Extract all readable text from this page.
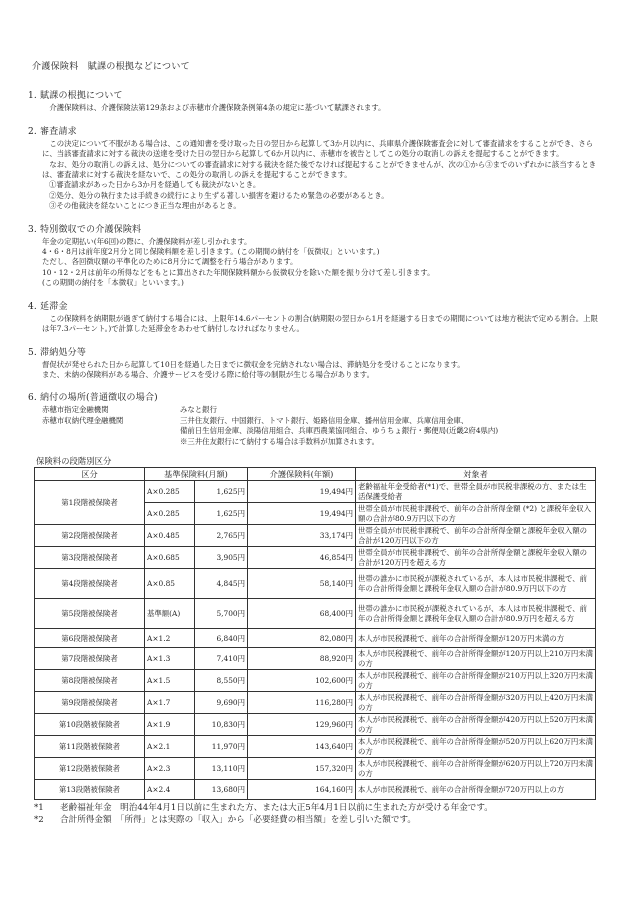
介護保険料　賦課の根拠などについて
1. 賦課の根拠について

　介護保険料は、介護保険法第129条および赤穂市介護保険条例第4条の規定に基づいて賦課されます。

2. 審査請求

　この決定について不服がある場合は、この通知書を受け取った日の翌日から起算して3か月以内に、兵庫県介護保険審査会に対して審査請求をすることができ、さらに、当該審査請求に対する裁決の送達を受けた日の翌日から起算して6か月以内に、赤穂市を被告としてこの処分の取消しの訴えを提起することができます。

　なお、処分の取消しの訴えは、処分についての審査請求に対する裁決を経た後でなければ提起することができませんが、次の①から③までのいずれかに該当するときは、審査請求に対する裁決を経ないで、この処分の取消しの訴えを提起することができます。

①審査請求があった日から3か月を経過しても裁決がないとき。

②処分、処分の執行または手続きの続行により生ずる著しい損害を避けるため緊急の必要があるとき。

③その他裁決を経ないことにつき正当な理由があるとき。

3. 特別徴収での介護保険料

年金の定期払い(年6回)の際に、介護保険料が差し引かれます。

4・6・8月は前年度2月分と同じ保険料額を差し引きます。(この期間の納付を「仮徴収」といいます。)

ただし、各回徴収額の平準化のために8月分にて調整を行う場合があります。

10・12・2月は前年の所得などをもとに算出された年間保険料額から仮徴収分を除いた額を振り分けて差し引きます。

(この期間の納付を「本徴収」といいます。)

4. 延滞金

　この保険料を納期限が過ぎて納付する場合には、上限年14.6パーセントの割合(納期限の翌日から1月を経過する日までの期間については地方税法で定める割合。上限は年7.3パーセント。)で計算した延滞金をあわせて納付しなければなりません。

5. 滞納処分等

督促状が発せられた日から起算して10日を経過した日までに徴収金を完納されない場合は、滞納処分を受けることになります。

また、未納の保険料がある場合、介護サービスを受ける際に給付等の制限が生じる場合があります。

6. 納付の場所(普通徴収の場合)
赤穂市指定金融機関	みなと銀行
赤穂市収納代理金融機関	三井住友銀行、中国銀行、トマト銀行、姫路信用金庫、播州信用金庫、兵庫信用金庫、
	備前日生信用金庫、淡陽信用組合、兵庫西農業協同組合、ゆうちょ銀行・郵便局(近畿2府4県内)
	※三井住友銀行にて納付する場合は手数料が加算されます。
保険料の段階別区分
区分	基準保険料(月額)		介護保険料(年額)	対象者
第1段階被保険者	A×0.285	1,625円	19,494円	老齢福祉年金受給者(*1)で、世帯全員が市民税非課税の方、または生活保護受給者
	A×0.285	1,625円	19,494円	世帯全員が市民税非課税で、前年の合計所得金額 (*2) と課税年金収入額の合計が80.9万円以下の方
第2段階被保険者	A×0.485	2,765円	33,174円	世帯全員が市民税非課税で、前年の合計所得金額と課税年金収入額の合計が120万円以下の方
第3段階被保険者	A×0.685	3,905円	46,854円	世帯全員が市民税非課税で、前年の合計所得金額と課税年金収入額の合計が120万円を超える方
第4段階被保険者	A×0.85	4,845円	58,140円	世帯の誰かに市民税が課税されているが、本人は市民税非課税で、前年の合計所得金額と課税年金収入額の合計が80.9万円以下の方
第5段階被保険者	基準額(A)	5,700円	68,400円	世帯の誰かに市民税が課税されているが、本人は市民税非課税で、前年の合計所得金額と課税年金収入額の合計が80.9万円を超える方
第6段階被保険者	A×1.2	6,840円	82,080円	本人が市民税課税で、前年の合計所得金額が120万円未満の方
第7段階被保険者	A×1.3	7,410円	88,920円	本人が市民税課税で、前年の合計所得金額が120万円以上210万円未満の方
第8段階被保険者	A×1.5	8,550円	102,600円	本人が市民税課税で、前年の合計所得金額が210万円以上320万円未満の方
第9段階被保険者	A×1.7	9,690円	116,280円	本人が市民税課税で、前年の合計所得金額が320万円以上420万円未満の方
第10段階被保険者	A×1.9	10,830円	129,960円	本人が市民税課税で、前年の合計所得金額が420万円以上520万円未満の方
第11段階被保険者	A×2.1	11,970円	143,640円	本人が市民税課税で、前年の合計所得金額が520万円以上620万円未満の方
第12段階被保険者	A×2.3	13,110円	157,320円	本人が市民税課税で、前年の合計所得金額が620万円以上720万円未満の方
第13段階被保険者	A×2.4	13,680円	164,160円	本人が市民税課税で、前年の合計所得金額が720万円以上の方
*1 老齢福祉年金　明治44年4月1日以前に生まれた方、または大正5年4月1日以前に生まれた方が受ける年金です。
*2 合計所得金額　「所得」とは実際の「収入」から「必要経費の相当額」を差し引いた額です。
